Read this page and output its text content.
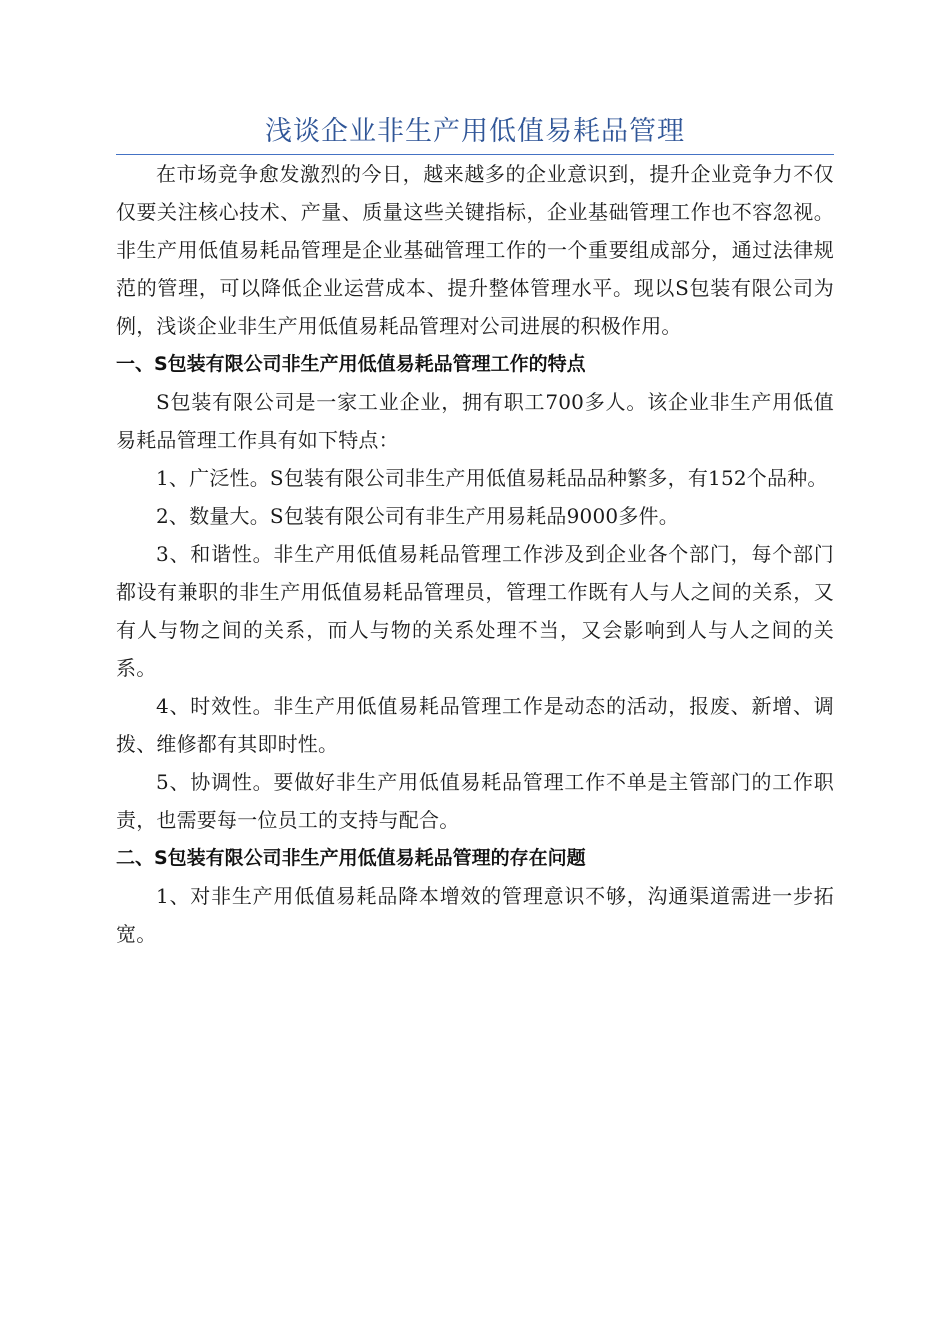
浅谈企业非生产用低值易耗品管理

在市场竞争愈发激烈的今日，越来越多的企业意识到，提升企业竞争力不仅仅要关注核心技术、产量、质量这些关键指标，企业基础管理工作也不容忽视。非生产用低值易耗品管理是企业基础管理工作的一个重要组成部分，通过法律规范的管理，可以降低企业运营成本、提升整体管理水平。现以S包装有限公司为例，浅谈企业非生产用低值易耗品管理对公司进展的积极作用。

一、S包装有限公司非生产用低值易耗品管理工作的特点

S包装有限公司是一家工业企业，拥有职工700多人。该企业非生产用低值易耗品管理工作具有如下特点：

1、广泛性。S包装有限公司非生产用低值易耗品品种繁多，有152个品种。

2、数量大。S包装有限公司有非生产用易耗品9000多件。

3、和谐性。非生产用低值易耗品管理工作涉及到企业各个部门，每个部门都设有兼职的非生产用低值易耗品管理员，管理工作既有人与人之间的关系，又有人与物之间的关系，而人与物的关系处理不当，又会影响到人与人之间的关系。

4、时效性。非生产用低值易耗品管理工作是动态的活动，报废、新增、调拨、维修都有其即时性。

5、协调性。要做好非生产用低值易耗品管理工作不单是主管部门的工作职责，也需要每一位员工的支持与配合。

二、S包装有限公司非生产用低值易耗品管理的存在问题

1、对非生产用低值易耗品降本增效的管理意识不够，沟通渠道需进一步拓宽。
